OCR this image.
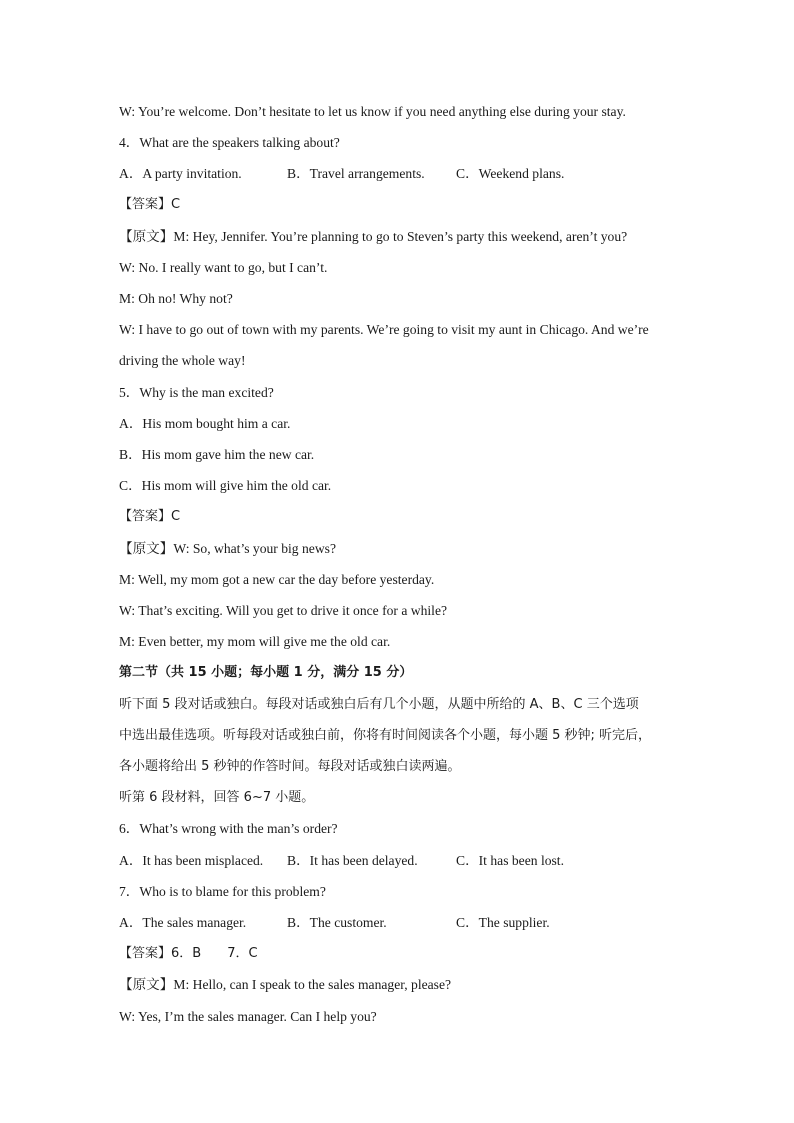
W: You’re welcome. Don’t hesitate to let us know if you need anything else during your stay.
4．What are the speakers talking about?
A．A party invitation.	B．Travel arrangements. C．Weekend plans.
【答案】C
【原文】M: Hey, Jennifer. You’re planning to go to Steven’s party this weekend, aren’t you?
W: No. I really want to go, but I can’t.
M: Oh no! Why not?
W: I have to go out of town with my parents. We’re going to visit my aunt in Chicago. And we’re
driving the whole way!
5．Why is the man excited?
A．His mom bought him a car.
B．His mom gave him the new car.
C．His mom will give him the old car.
【答案】C
【原文】W: So, what’s your big news?
M: Well, my mom got a new car the day before yesterday.
W: That’s exciting. Will you get to drive it once for a while?
M: Even better, my mom will give me the old car.
第二节（共 15 小题；每小题 1 分，满分 15 分）
听下面 5 段对话或独白。每段对话或独白后有几个小题，从题中所给的 A、B、C 三个选项
中选出最佳选项。听每段对话或独白前，你将有时间阅读各个小题，每小题 5 秒钟; 听完后，
各小题将给出 5 秒钟的作答时间。每段对话或独白读两遍。
听第 6 段材料，回答 6~7 小题。
6．What’s wrong with the man’s order?
A．It has been misplaced. B．It has been delayed.	C．It has been lost.
7．Who is to blame for this problem?
A．The sales manager.	B．The customer.	C．The supplier.
【答案】6．B　　7．C
【原文】M: Hello, can I speak to the sales manager, please?
W: Yes, I’m the sales manager. Can I help you?
